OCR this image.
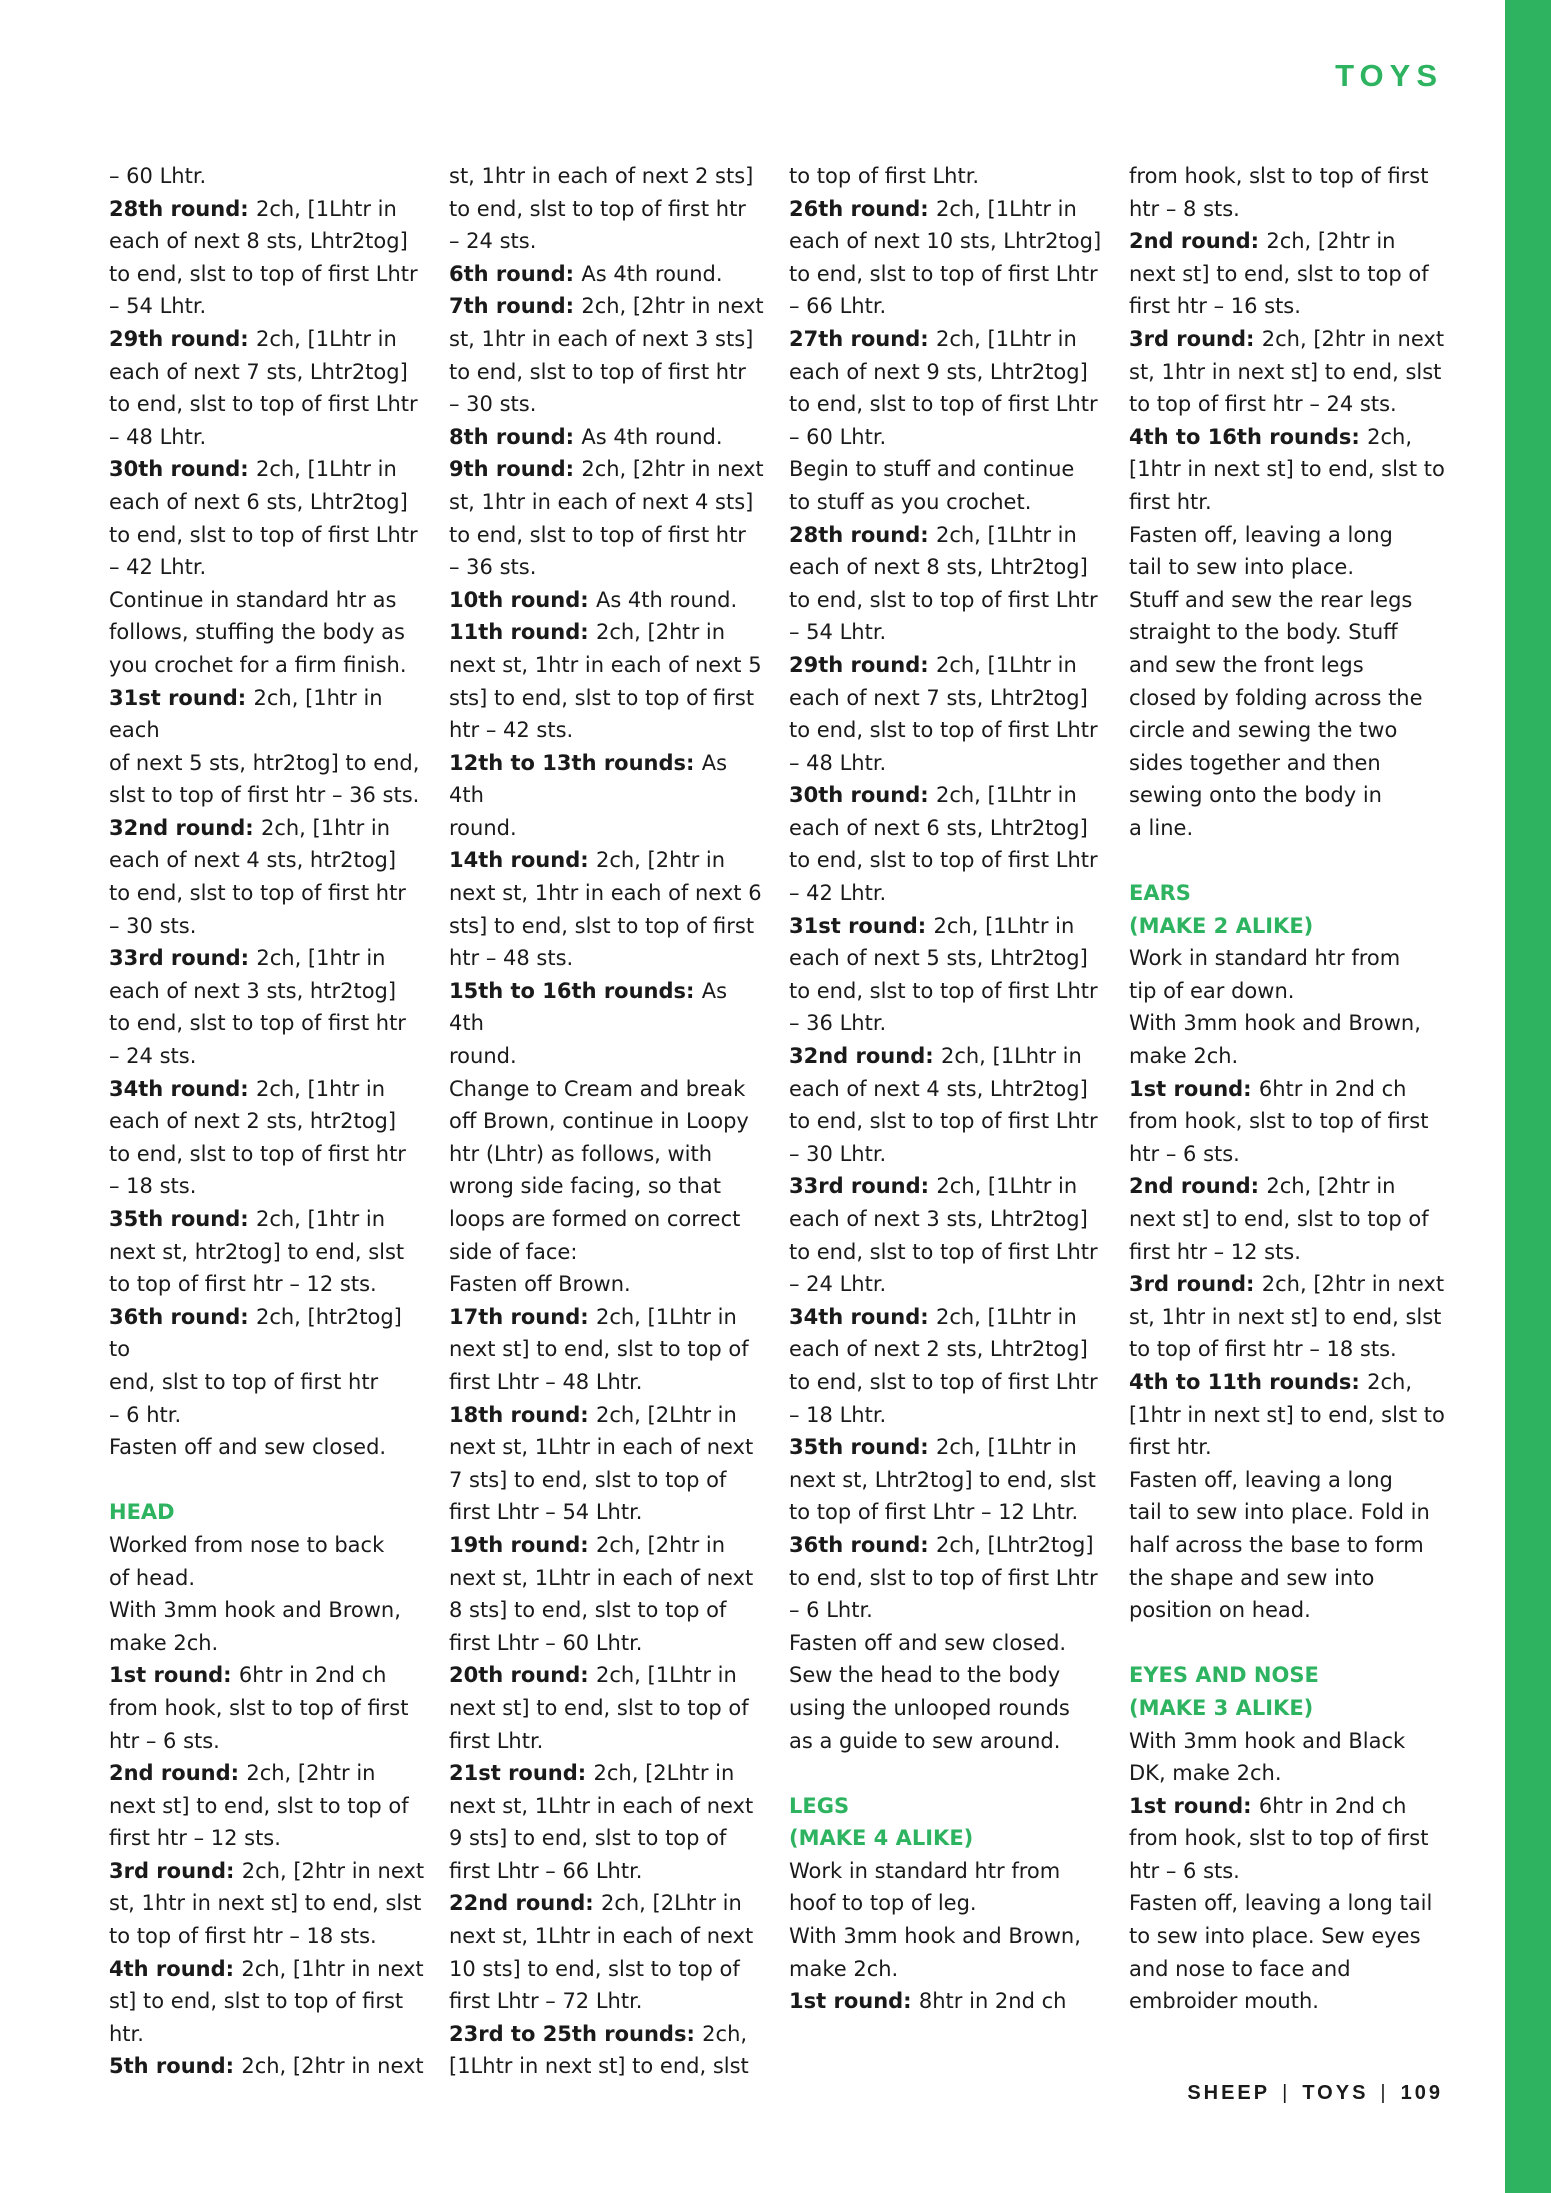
TOYS

– 60 Lhtr.

28th round: 2ch, [1Lhtr in
each of next 8 sts, Lhtr2tog]
to end, slst to top of first Lhtr
– 54 Lhtr.

29th round: 2ch, [1Lhtr in
each of next 7 sts, Lhtr2tog]
to end, slst to top of first Lhtr
– 48 Lhtr.

30th round: 2ch, [1Lhtr in
each of next 6 sts, Lhtr2tog]
to end, slst to top of first Lhtr
– 42 Lhtr.

Continue in standard htr as
follows, stuffing the body as
you crochet for a firm finish.

31st round: 2ch, [1htr in each
of next 5 sts, htr2tog] to end,
slst to top of first htr – 36 sts.

32nd round: 2ch, [1htr in
each of next 4 sts, htr2tog]
to end, slst to top of first htr
– 30 sts.

33rd round: 2ch, [1htr in
each of next 3 sts, htr2tog]
to end, slst to top of first htr
– 24 sts.

34th round: 2ch, [1htr in
each of next 2 sts, htr2tog]
to end, slst to top of first htr
– 18 sts.

35th round: 2ch, [1htr in
next st, htr2tog] to end, slst
to top of first htr – 12 sts.

36th round: 2ch, [htr2tog] to
end, slst to top of first htr
– 6 htr.

Fasten off and sew closed.

HEAD

Worked from nose to back
of head.

With 3mm hook and Brown,
make 2ch.

1st round: 6htr in 2nd ch
from hook, slst to top of first
htr – 6 sts.

2nd round: 2ch, [2htr in
next st] to end, slst to top of
first htr – 12 sts.

3rd round: 2ch, [2htr in next
st, 1htr in next st] to end, slst
to top of first htr – 18 sts.

4th round: 2ch, [1htr in next
st] to end, slst to top of first
htr.

5th round: 2ch, [2htr in next

st, 1htr in each of next 2 sts]
to end, slst to top of first htr
– 24 sts.

6th round: As 4th round.

7th round: 2ch, [2htr in next
st, 1htr in each of next 3 sts]
to end, slst to top of first htr
– 30 sts.

8th round: As 4th round.

9th round: 2ch, [2htr in next
st, 1htr in each of next 4 sts]
to end, slst to top of first htr
– 36 sts.

10th round: As 4th round.

11th round: 2ch, [2htr in
next st, 1htr in each of next 5
sts] to end, slst to top of first
htr – 42 sts.

12th to 13th rounds: As 4th
round.

14th round: 2ch, [2htr in
next st, 1htr in each of next 6
sts] to end, slst to top of first
htr – 48 sts.

15th to 16th rounds: As 4th
round.

Change to Cream and break
off Brown, continue in Loopy
htr (Lhtr) as follows, with
wrong side facing, so that
loops are formed on correct
side of face:

Fasten off Brown.

17th round: 2ch, [1Lhtr in
next st] to end, slst to top of
first Lhtr – 48 Lhtr.

18th round: 2ch, [2Lhtr in
next st, 1Lhtr in each of next
7 sts] to end, slst to top of
first Lhtr – 54 Lhtr.

19th round: 2ch, [2htr in
next st, 1Lhtr in each of next
8 sts] to end, slst to top of
first Lhtr – 60 Lhtr.

20th round: 2ch, [1Lhtr in
next st] to end, slst to top of
first Lhtr.

21st round: 2ch, [2Lhtr in
next st, 1Lhtr in each of next
9 sts] to end, slst to top of
first Lhtr – 66 Lhtr.

22nd round: 2ch, [2Lhtr in
next st, 1Lhtr in each of next
10 sts] to end, slst to top of
first Lhtr – 72 Lhtr.

23rd to 25th rounds: 2ch,
[1Lhtr in next st] to end, slst

to top of first Lhtr.

26th round: 2ch, [1Lhtr in
each of next 10 sts, Lhtr2tog]
to end, slst to top of first Lhtr
– 66 Lhtr.

27th round: 2ch, [1Lhtr in
each of next 9 sts, Lhtr2tog]
to end, slst to top of first Lhtr
– 60 Lhtr.

Begin to stuff and continue
to stuff as you crochet.

28th round: 2ch, [1Lhtr in
each of next 8 sts, Lhtr2tog]
to end, slst to top of first Lhtr
– 54 Lhtr.

29th round: 2ch, [1Lhtr in
each of next 7 sts, Lhtr2tog]
to end, slst to top of first Lhtr
– 48 Lhtr.

30th round: 2ch, [1Lhtr in
each of next 6 sts, Lhtr2tog]
to end, slst to top of first Lhtr
– 42 Lhtr.

31st round: 2ch, [1Lhtr in
each of next 5 sts, Lhtr2tog]
to end, slst to top of first Lhtr
– 36 Lhtr.

32nd round: 2ch, [1Lhtr in
each of next 4 sts, Lhtr2tog]
to end, slst to top of first Lhtr
– 30 Lhtr.

33rd round: 2ch, [1Lhtr in
each of next 3 sts, Lhtr2tog]
to end, slst to top of first Lhtr
– 24 Lhtr.

34th round: 2ch, [1Lhtr in
each of next 2 sts, Lhtr2tog]
to end, slst to top of first Lhtr
– 18 Lhtr.

35th round: 2ch, [1Lhtr in
next st, Lhtr2tog] to end, slst
to top of first Lhtr – 12 Lhtr.

36th round: 2ch, [Lhtr2tog]
to end, slst to top of first Lhtr
– 6 Lhtr.

Fasten off and sew closed.
Sew the head to the body
using the unlooped rounds
as a guide to sew around.

LEGS
(MAKE 4 ALIKE)

Work in standard htr from
hoof to top of leg.

With 3mm hook and Brown,
make 2ch.

1st round: 8htr in 2nd ch

from hook, slst to top of first
htr – 8 sts.

2nd round: 2ch, [2htr in
next st] to end, slst to top of
first htr – 16 sts.

3rd round: 2ch, [2htr in next
st, 1htr in next st] to end, slst
to top of first htr – 24 sts.

4th to 16th rounds: 2ch,
[1htr in next st] to end, slst to
first htr.

Fasten off, leaving a long
tail to sew into place.

Stuff and sew the rear legs
straight to the body. Stuff
and sew the front legs
closed by folding across the
circle and sewing the two
sides together and then
sewing onto the body in
a line.

EARS
(MAKE 2 ALIKE)

Work in standard htr from
tip of ear down.

With 3mm hook and Brown,
make 2ch.

1st round: 6htr in 2nd ch
from hook, slst to top of first
htr – 6 sts.

2nd round: 2ch, [2htr in
next st] to end, slst to top of
first htr – 12 sts.

3rd round: 2ch, [2htr in next
st, 1htr in next st] to end, slst
to top of first htr – 18 sts.

4th to 11th rounds: 2ch,
[1htr in next st] to end, slst to
first htr.

Fasten off, leaving a long
tail to sew into place. Fold in
half across the base to form
the shape and sew into
position on head.

EYES AND NOSE
(MAKE 3 ALIKE)

With 3mm hook and Black
DK, make 2ch.

1st round: 6htr in 2nd ch
from hook, slst to top of first
htr – 6 sts.

Fasten off, leaving a long tail
to sew into place. Sew eyes
and nose to face and
embroider mouth.

SHEEP | TOYS | 109
